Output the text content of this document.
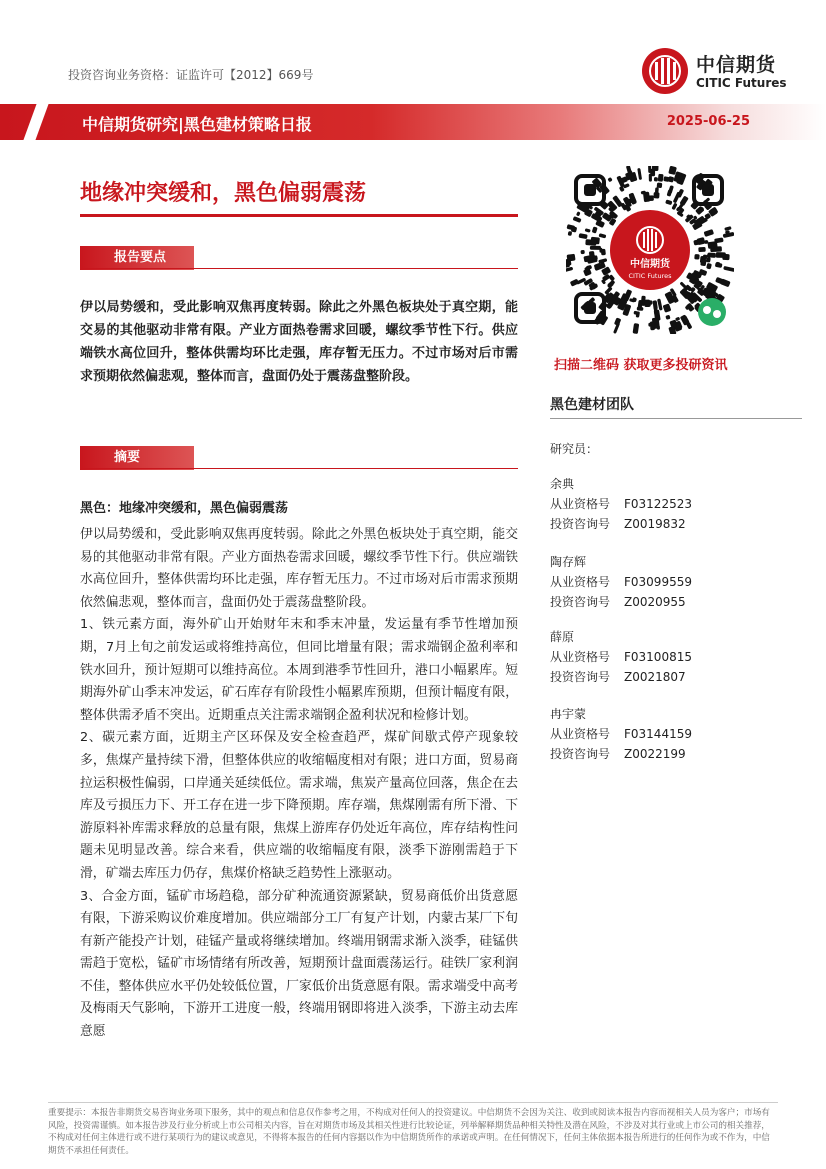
投资咨询业务资格：证监许可【2012】669号	中信期货
CITIC Futures
中信期货研究|黑色建材策略日报	2025-06-25
地缘冲突缓和，黑色偏弱震荡
报告要点
伊以局势缓和，受此影响双焦再度转弱。除此之外黑色板块处于真空期，能交易的其他驱动非常有限。产业方面热卷需求回暖，螺纹季节性下行。供应端铁水高位回升，整体供需均环比走强，库存暂无压力。不过市场对后市需求预期依然偏悲观，整体而言，盘面仍处于震荡盘整阶段。
摘要
黑色：地缘冲突缓和，黑色偏弱震荡

伊以局势缓和，受此影响双焦再度转弱。除此之外黑色板块处于真空期，能交易的其他驱动非常有限。产业方面热卷需求回暖，螺纹季节性下行。供应端铁水高位回升，整体供需均环比走强，库存暂无压力。不过市场对后市需求预期依然偏悲观，整体而言，盘面仍处于震荡盘整阶段。

1、铁元素方面，海外矿山开始财年末和季末冲量，发运量有季节性增加预期，7月上旬之前发运或将维持高位，但同比增量有限；需求端钢企盈利率和铁水回升，预计短期可以维持高位。本周到港季节性回升，港口小幅累库。短期海外矿山季末冲发运，矿石库存有阶段性小幅累库预期，但预计幅度有限，整体供需矛盾不突出。近期重点关注需求端钢企盈利状况和检修计划。

2、碳元素方面，近期主产区环保及安全检查趋严，煤矿间歇式停产现象较多，焦煤产量持续下滑，但整体供应的收缩幅度相对有限；进口方面，贸易商拉运积极性偏弱，口岸通关延续低位。需求端，焦炭产量高位回落，焦企在去库及亏损压力下、开工存在进一步下降预期。库存端，焦煤刚需有所下滑、下游原料补库需求释放的总量有限，焦煤上游库存仍处近年高位，库存结构性问题未见明显改善。综合来看，供应端的收缩幅度有限，淡季下游刚需趋于下滑，矿端去库压力仍存，焦煤价格缺乏趋势性上涨驱动。

3、合金方面，锰矿市场趋稳，部分矿种流通资源紧缺，贸易商低价出货意愿有限，下游采购议价难度增加。供应端部分工厂有复产计划，内蒙古某厂下旬有新产能投产计划，硅锰产量或将继续增加。终端用钢需求渐入淡季，硅锰供需趋于宽松，锰矿市场情绪有所改善，短期预计盘面震荡运行。硅铁厂家利润不佳，整体供应水平仍处较低位置，厂家低价出货意愿有限。需求端受中高考及梅雨天气影响，下游开工进度一般，终端用钢即将进入淡季，下游主动去库意愿

中信期货
CITIC Futures
扫描二维码 获取更多投研资讯
黑色建材团队
研究员：
余典
从业资格号 F03122523
投资咨询号 Z0019832
陶存辉
从业资格号 F03099559
投资咨询号 Z0020955
薛原
从业资格号 F03100815
投资咨询号 Z0021807
冉宇蒙
从业资格号 F03144159
投资咨询号 Z0022199
重要提示：本报告非期货交易咨询业务项下服务，其中的观点和信息仅作参考之用，不构成对任何人的投资建议。中信期货不会因为关注、收到或阅读本报告内容而视相关人员为客户；市场有风险，投资需谨慎。如本报告涉及行业分析或上市公司相关内容，旨在对期货市场及其相关性进行比较论证，列举解释期货品种相关特性及潜在风险，不涉及对其行业或上市公司的相关推荐，不构成对任何主体进行或不进行某项行为的建议或意见，不得将本报告的任何内容据以作为中信期货所作的承诺或声明。在任何情况下，任何主体依据本报告所进行的任何作为或不作为，中信期货不承担任何责任。
